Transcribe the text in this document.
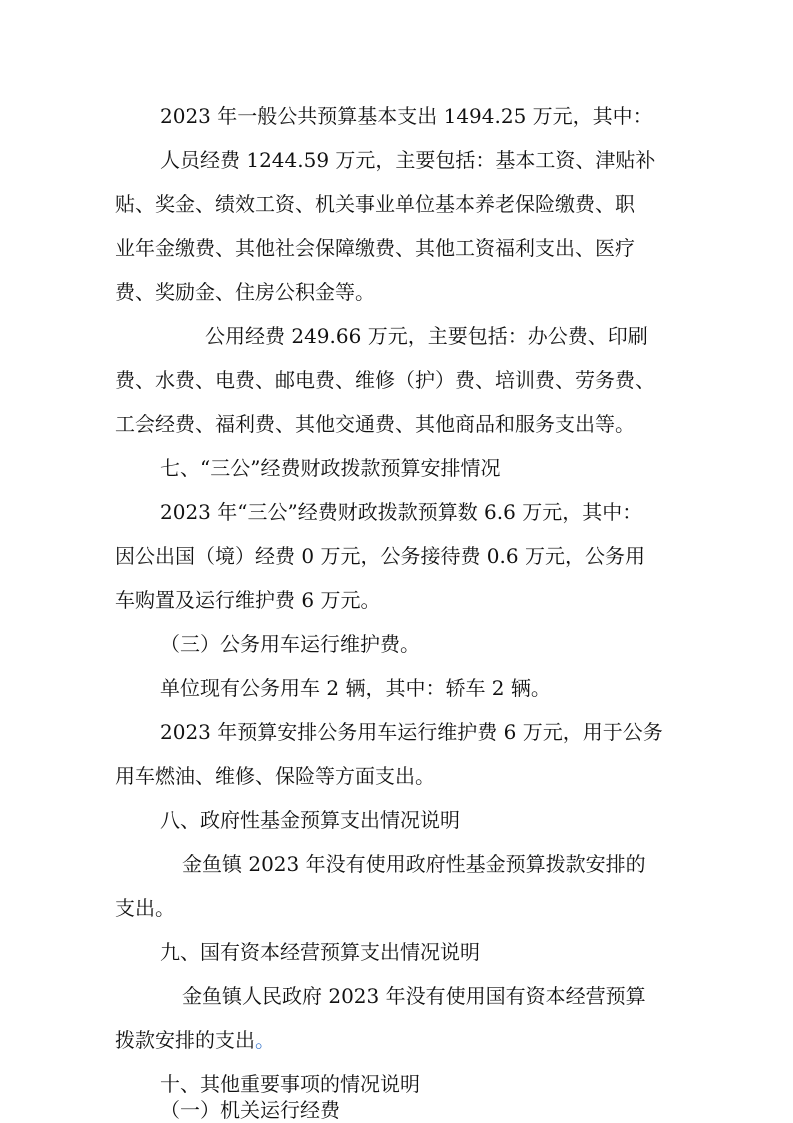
2023 年一般公共预算基本支出 1494.25 万元，其中：

人员经费 1244.59 万元，主要包括：基本工资、津贴补

贴、奖金、绩效工资、机关事业单位基本养老保险缴费、职

业年金缴费、其他社会保障缴费、其他工资福利支出、医疗

费、奖励金、住房公积金等。

公用经费 249.66 万元，主要包括：办公费、印刷

费、水费、电费、邮电费、维修（护）费、培训费、劳务费、

工会经费、福利费、其他交通费、其他商品和服务支出等。

七、“三公”经费财政拨款预算安排情况

2023 年“三公”经费财政拨款预算数 6.6 万元，其中：

因公出国（境）经费 0 万元，公务接待费 0.6 万元，公务用

车购置及运行维护费 6 万元。

（三）公务用车运行维护费。

单位现有公务用车 2 辆，其中：轿车 2 辆。

2023 年预算安排公务用车运行维护费 6 万元，用于公务

用车燃油、维修、保险等方面支出。

八、政府性基金预算支出情况说明

金鱼镇 2023 年没有使用政府性基金预算拨款安排的

支出。

九、国有资本经营预算支出情况说明

金鱼镇人民政府 2023 年没有使用国有资本经营预算

拨款安排的支出。

十、其他重要事项的情况说明

（一）机关运行经费
